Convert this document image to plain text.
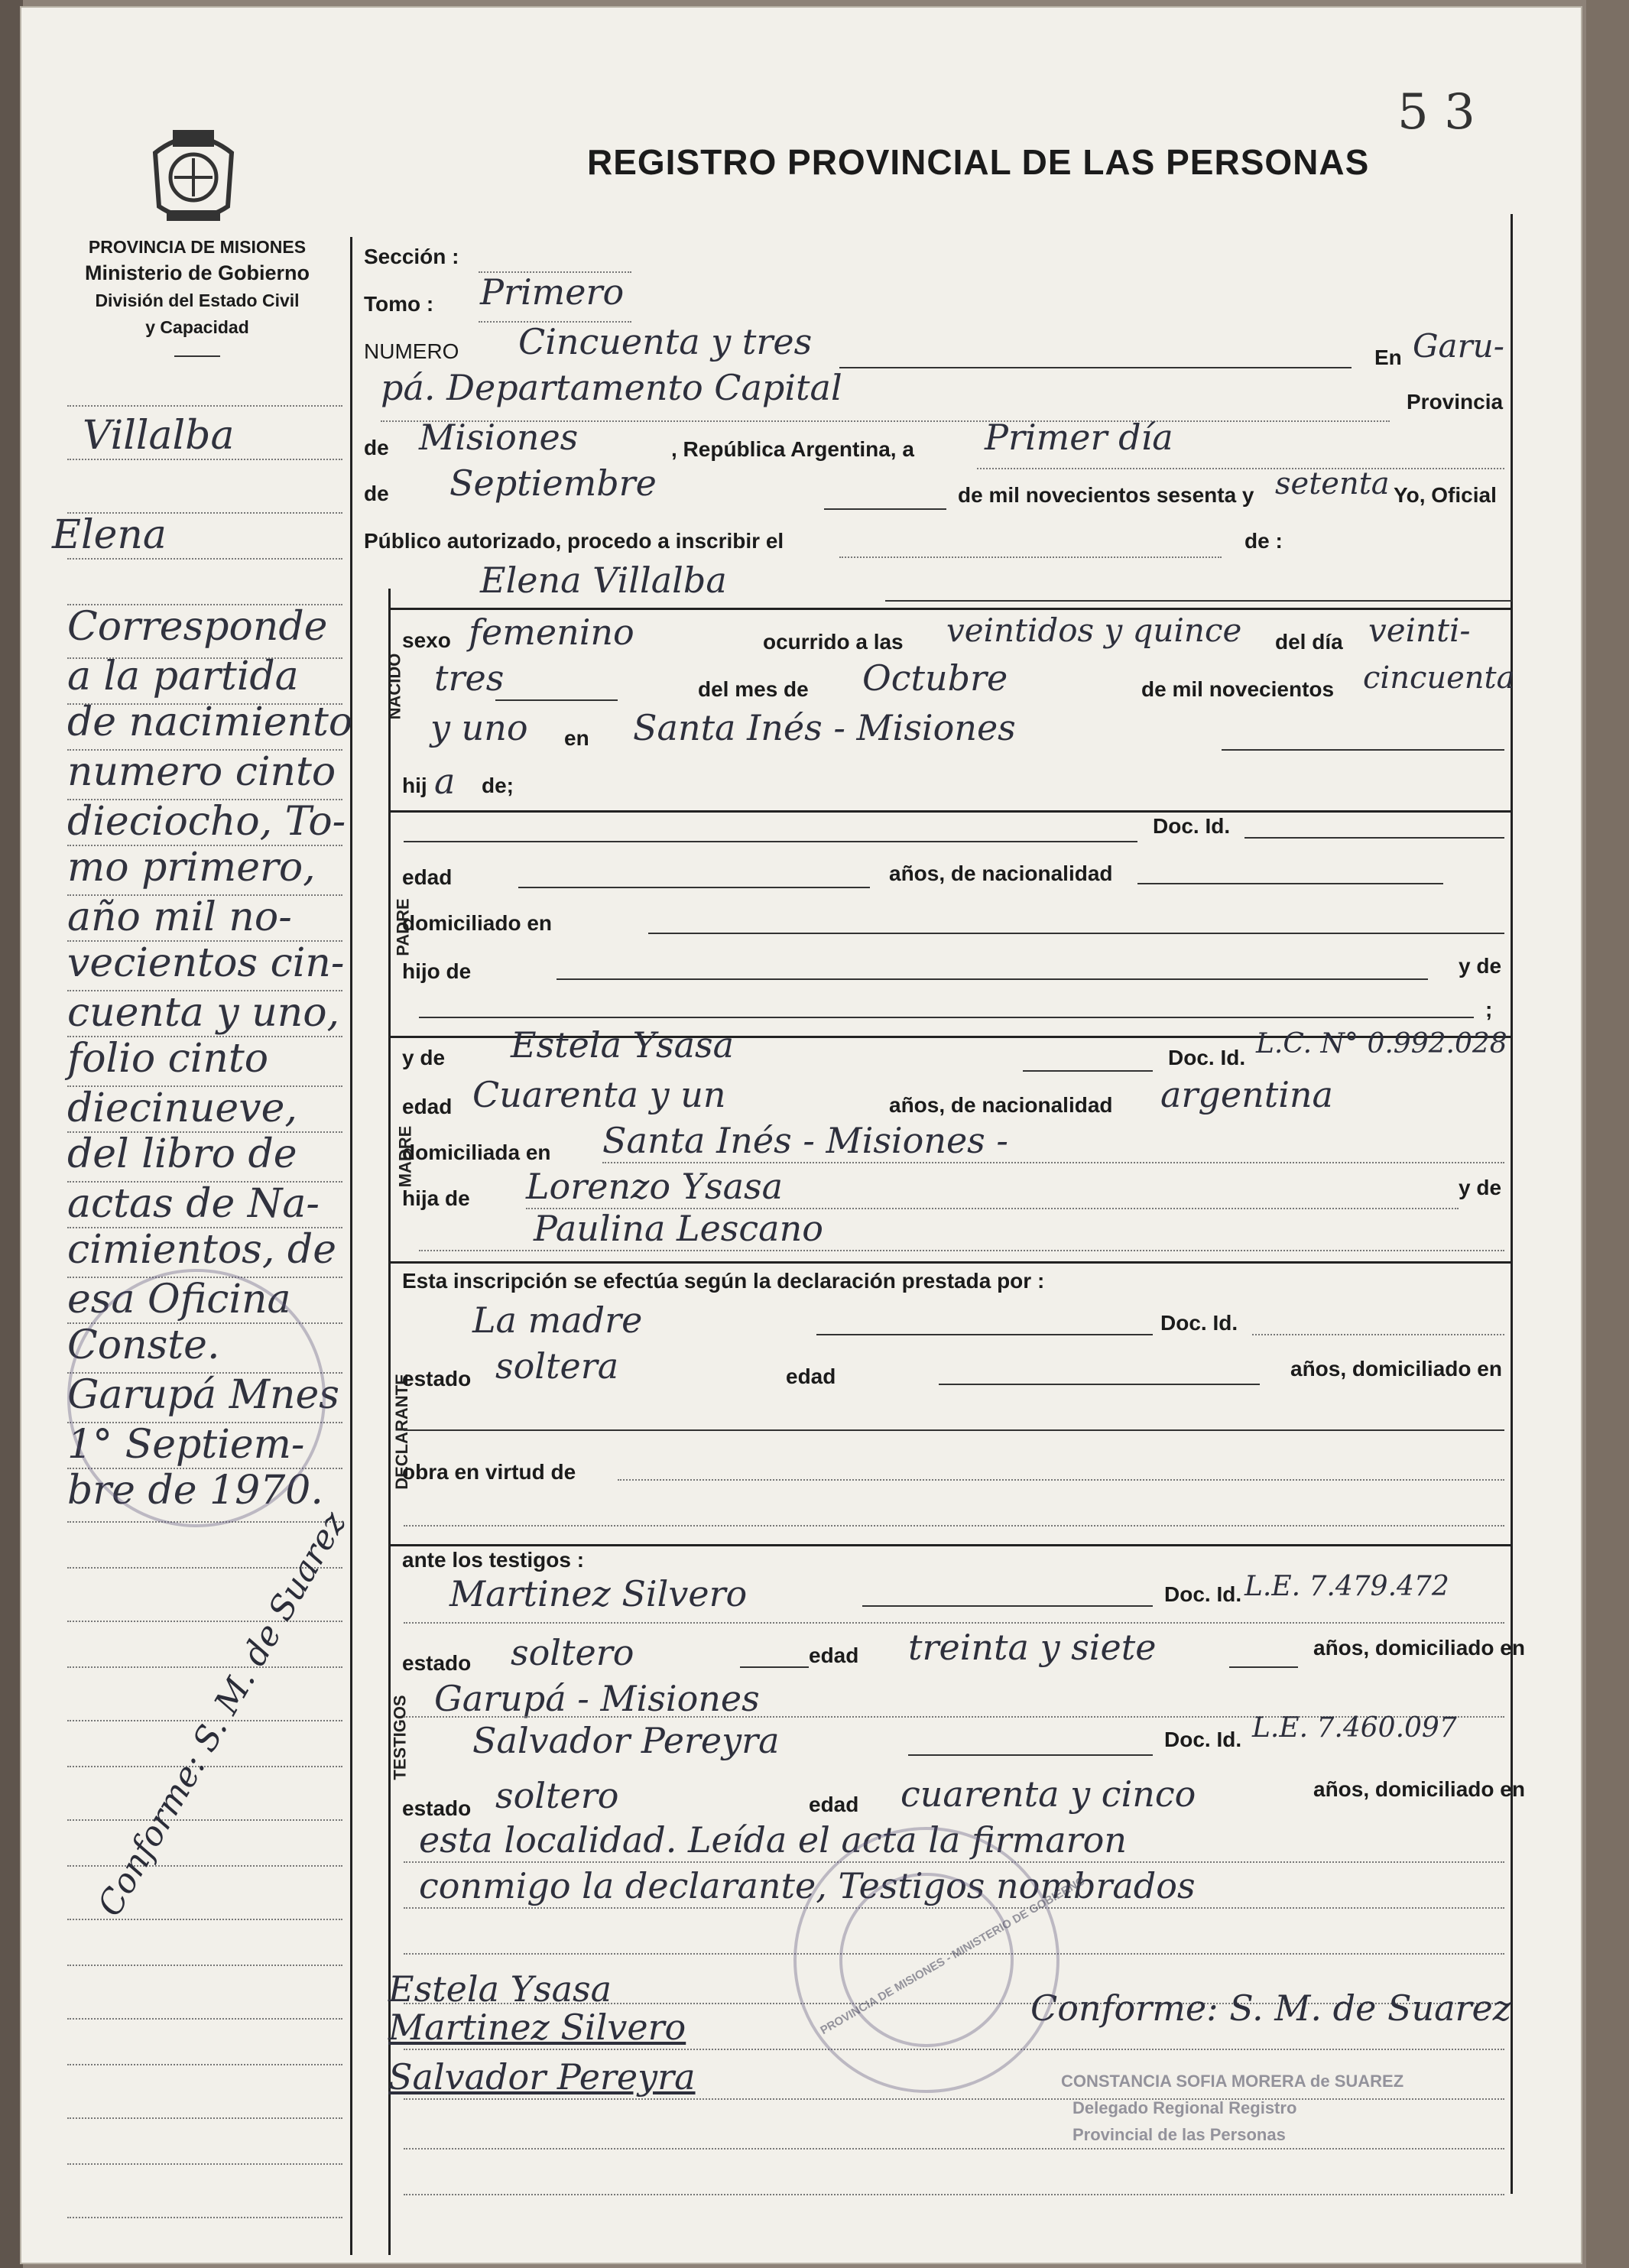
5 3
REGISTRO PROVINCIAL DE LAS PERSONAS
PROVINCIA DE MISIONES
Ministerio de Gobierno
División del Estado Civil
y Capacidad
Villalba
Elena
Corresponde
a la partida
de nacimiento
numero cinto
dieciocho, To-
mo primero,
año mil no-
vecientos cin-
cuenta y uno,
folio cinto
diecinueve,
del libro de
actas de Na-
cimientos, de
esa Oficina
Conste.
Garupá Mnes
1° Septiem-
bre de 1970.
Conforme: S. M. de Suarez
Sección :
Tomo : Primero
NUMERO Cincuenta y tres	En Garu-
pá. Departamento Capital	Provincia
de Misiones	, República Argentina, a Primer día
de Septiembre	de mil novecientos sesenta y setenta Yo, Oficial
Público autorizado, procedo a inscribir el	de :
Elena Villalba
NACIDO
sexo femenino	ocurrido a las veintidos y quince del día veinti-
tres	del mes de Octubre	de mil novecientos cincuenta
y uno en Santa Inés - Misiones
hij a de;
PADRE
Doc. Id.
edad	años, de nacionalidad
domiciliado en
hijo de	y de
;
MADRE
y de Estela Ysasa	Doc. Id. L.C. N° 0.992.028
edad Cuarenta y un	años, de nacionalidad argentina
domiciliada en Santa Inés - Misiones -
hija de Lorenzo Ysasa	y de
Paulina Lescano
Esta inscripción se efectúa según la declaración prestada por :
DECLARANTE
La madre	Doc. Id.
estado soltera	edad	años, domiciliado en
obra en virtud de
ante los testigos :
TESTIGOS
Martinez Silvero	Doc. Id. L.E. 7.479.472
estado soltero	edad treinta y siete	años, domiciliado en
Garupá - Misiones
Salvador Pereyra	Doc. Id. L.E. 7.460.097
estado soltero	edad cuarenta y cinco	años, domiciliado en
esta localidad. Leída el acta la firmaron
conmigo la declarante, Testigos nombrados
Estela Ysasa
Martinez Silvero
Salvador Pereyra
Conforme: S. M. de Suarez
PROVINCIA DE MISIONES - MINISTERIO DE GOBIERNO
CONSTANCIA SOFIA MORERA de SUAREZ
Delegado Regional Registro
Provincial de las Personas
